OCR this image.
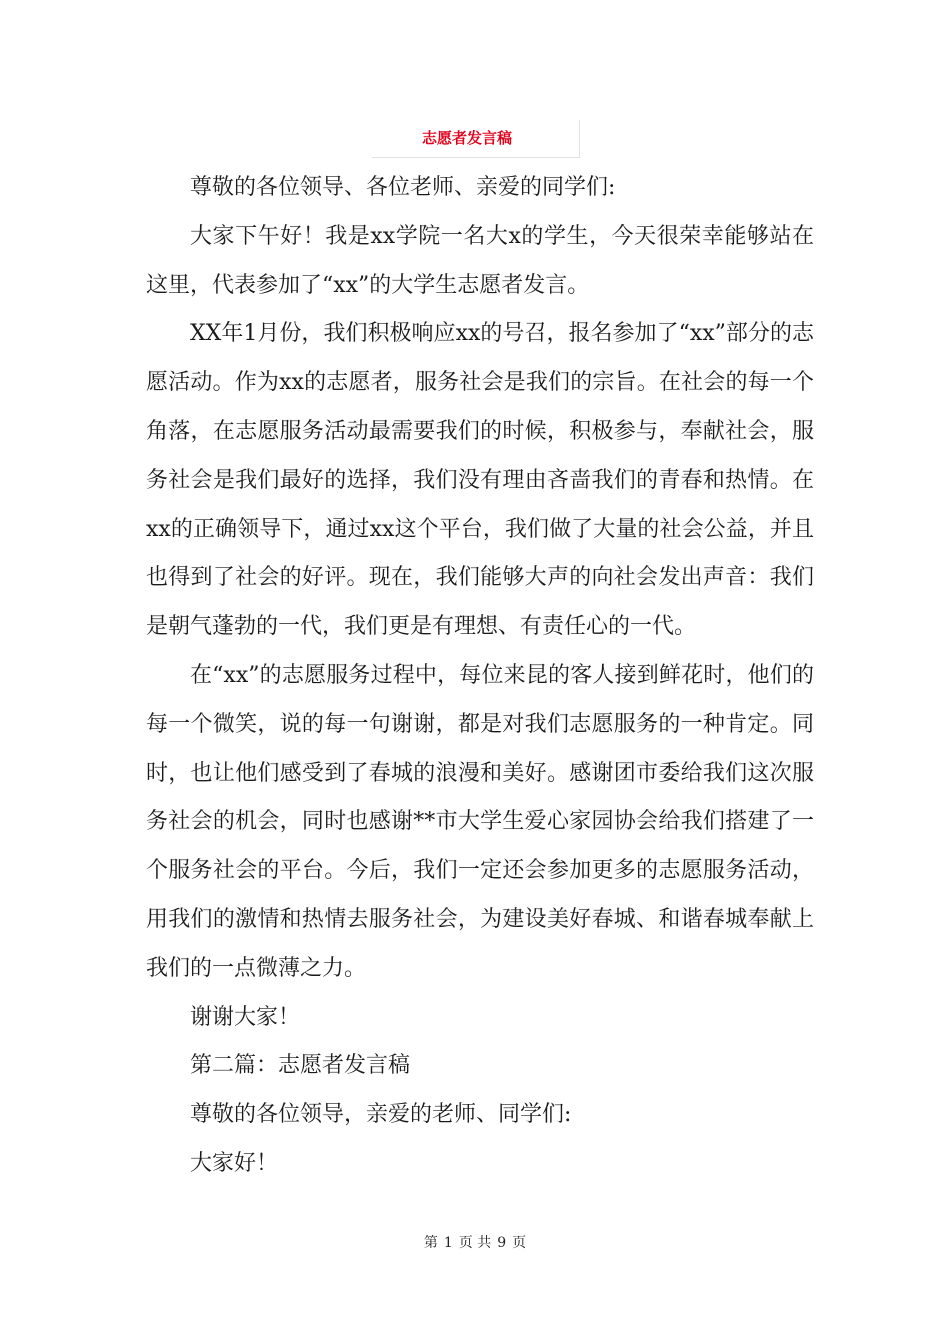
志愿者发言稿

尊敬的各位领导、各位老师、亲爱的同学们:

大家下午好！我是xx学院一名大x的学生，今天很荣幸能够站在这里，代表参加了“xx”的大学生志愿者发言。

XX年1月份，我们积极响应xx的号召，报名参加了“xx”部分的志愿活动。作为xx的志愿者，服务社会是我们的宗旨。在社会的每一个角落，在志愿服务活动最需要我们的时候，积极参与，奉献社会，服务社会是我们最好的选择，我们没有理由吝啬我们的青春和热情。在xx的正确领导下，通过xx这个平台，我们做了大量的社会公益，并且也得到了社会的好评。现在，我们能够大声的向社会发出声音：我们是朝气蓬勃的一代，我们更是有理想、有责任心的一代。

在“xx”的志愿服务过程中，每位来昆的客人接到鲜花时，他们的每一个微笑，说的每一句谢谢，都是对我们志愿服务的一种肯定。同时，也让他们感受到了春城的浪漫和美好。感谢团市委给我们这次服务社会的机会，同时也感谢**市大学生爱心家园协会给我们搭建了一个服务社会的平台。今后，我们一定还会参加更多的志愿服务活动，用我们的激情和热情去服务社会，为建设美好春城、和谐春城奉献上我们的一点微薄之力。

谢谢大家！

第二篇：志愿者发言稿

尊敬的各位领导，亲爱的老师、同学们:

大家好！

第 1 页 共 9 页
